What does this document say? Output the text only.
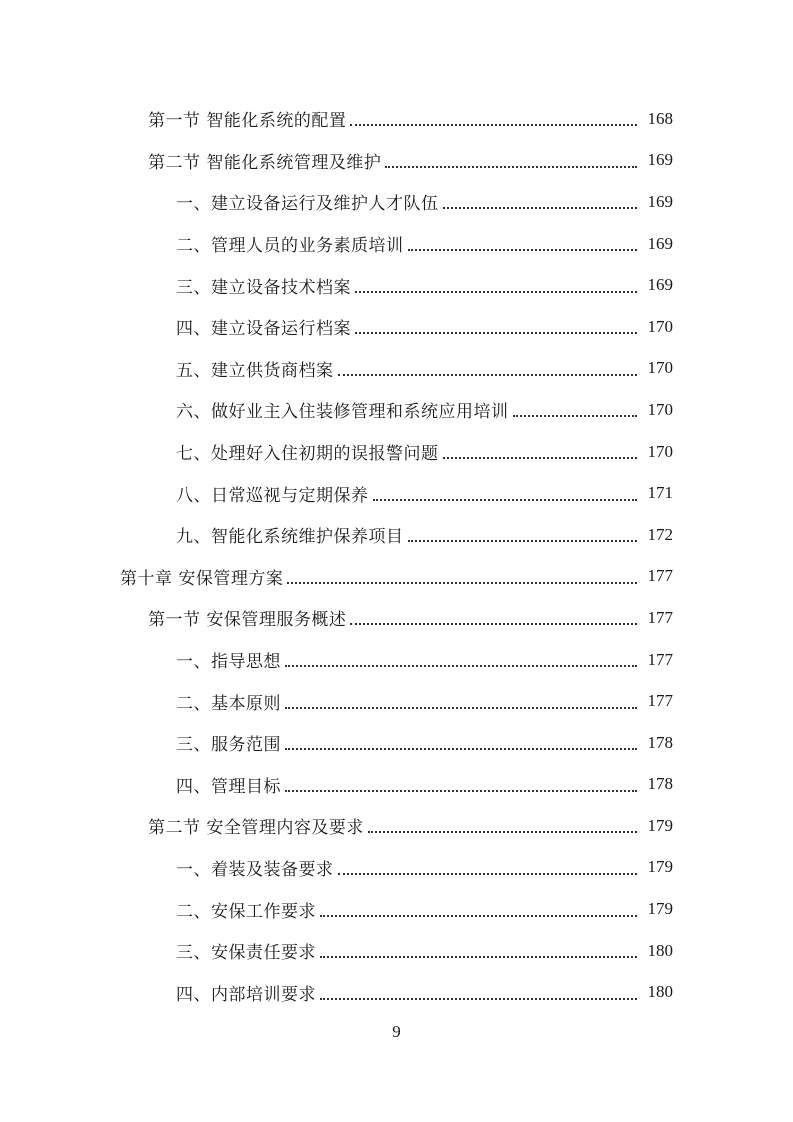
第一节 智能化系统的配置	168
第二节 智能化系统管理及维护	169
一、建立设备运行及维护人才队伍	169
二、管理人员的业务素质培训	169
三、建立设备技术档案	169
四、建立设备运行档案	170
五、建立供货商档案	170
六、做好业主入住装修管理和系统应用培训	170
七、处理好入住初期的误报警问题	170
八、日常巡视与定期保养	171
九、智能化系统维护保养项目	172
第十章 安保管理方案	177
第一节 安保管理服务概述	177
一、指导思想	177
二、基本原则	177
三、服务范围	178
四、管理目标	178
第二节 安全管理内容及要求	179
一、着装及装备要求	179
二、安保工作要求	179
三、安保责任要求	180
四、内部培训要求	180
9
